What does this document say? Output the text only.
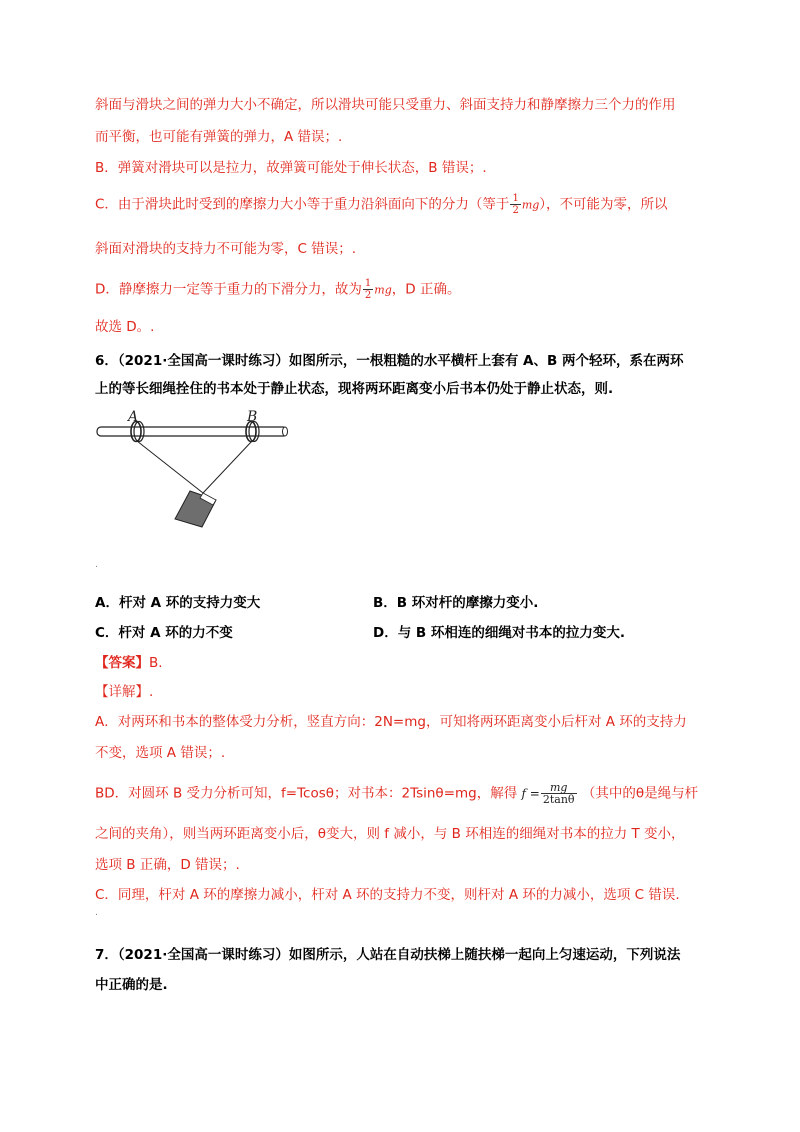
斜面与滑块之间的弹力大小不确定，所以滑块可能只受重力、斜面支持力和静摩擦力三个力的作用
而平衡，也可能有弹簧的弹力，A 错误；.
B．弹簧对滑块可以是拉力，故弹簧可能处于伸长状态，B 错误；.
C．由于滑块此时受到的摩擦力大小等于重力沿斜面向下的分力（等于 $\frac{1}{2} mg$），不可能为零，所以
斜面对滑块的支持力不可能为零，C 错误；.
D．静摩擦力一定等于重力的下滑分力，故为 $\frac{1}{2}$ mg，D 正确。
故选 D。.
6．（2021·全国高一课时练习）如图所示，一根粗糙的水平横杆上套有 A、B 两个轻环，系在两环
上的等长细绳拴住的书本处于静止状态，现将两环距离变小后书本仍处于静止状态，则.
A	B
.
A．杆对 A 环的支持力变大	B．B 环对杆的摩擦力变小.
C．杆对 A 环的力不变	D．与 B 环相连的细绳对书本的拉力变大.
【答案】B.
【详解】.
A．对两环和书本的整体受力分析，竖直方向：2N=mg，可知将两环距离变小后杆对 A 环的支持力
不变，选项 A 错误；.
BD．对圆环 B 受力分析可知，f=Tcosθ；对书本：2Tsinθ=mg，解得 $f = \frac{mg}{2\tan\theta}$ （其中的θ是绳与杆
之间的夹角），则当两环距离变小后，θ变大，则 f 减小，与 B 环相连的细绳对书本的拉力 T 变小，
选项 B 正确，D 错误；.
C．同理，杆对 A 环的摩擦力减小，杆对 A 环的支持力不变，则杆对 A 环的力减小，选项 C 错误.
.
7．（2021·全国高一课时练习）如图所示，人站在自动扶梯上随扶梯一起向上匀速运动，下列说法
中正确的是.
